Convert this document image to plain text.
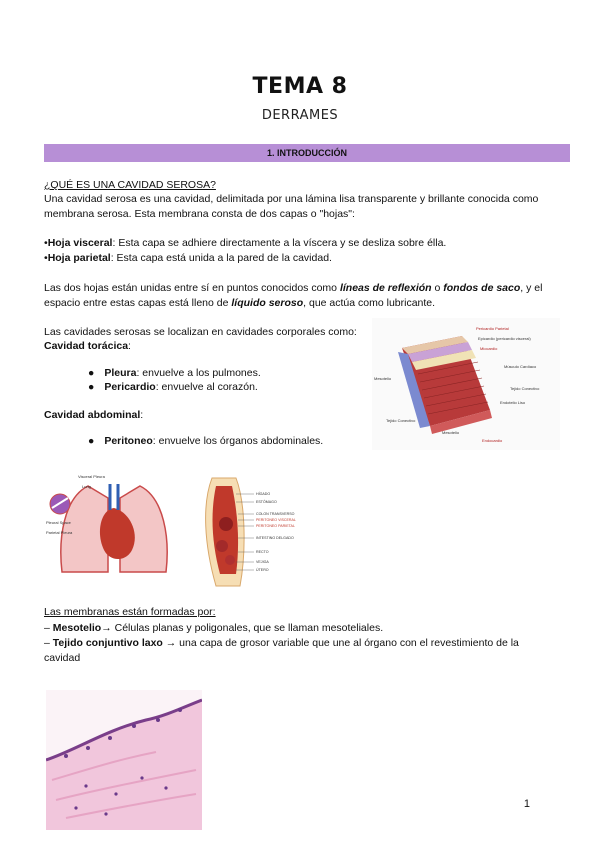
TEMA 8
DERRAMES
1. INTRODUCCIÓN
¿QUÉ ES UNA CAVIDAD SEROSA?
Una cavidad serosa es una cavidad, delimitada por una lámina lisa transparente y brillante conocida como
membrana serosa. Esta membrana consta de dos capas o "hojas":
•Hoja visceral: Esta capa se adhiere directamente a la víscera y se desliza sobre élla.
•Hoja parietal: Esta capa está unida a la pared de la cavidad.
Las dos hojas están unidas entre sí en puntos conocidos como líneas de reflexión o fondos de saco, y el
espacio entre estas capas está lleno de líquido seroso, que actúa como lubricante.
Las cavidades serosas se localizan en cavidades corporales como:
Cavidad torácica:
● Pleura: envuelve a los pulmones.
● Pericardio: envuelve al corazón.
Cavidad abdominal:
● Peritoneo: envuelve los órganos abdominales.
Pericardio Parietal
Epicardio (pericardio visceral)
Miocardio
Músculo Cardíaco
Tejido Conectivo
Endotelio Liso
Mesotelio
Tejido Conectivo
Mesotelio
Endocardio
Visceral Pleura
Lung
Pleural Space
Parietal Pleura
HÍGADO
ESTÓMAGO
COLON TRANSVERSO
PERITONEO VISCERAL
PERITONEO PARIETAL
INTESTINO DELGADO
RECTO
VEJIGA
ÚTERO
Las membranas están formadas por:
– Mesotelio→ Células planas y poligonales, que se llaman mesoteliales.
– Tejido conjuntivo laxo → una capa de grosor variable que une al órgano con el revestimiento de la
cavidad
1
